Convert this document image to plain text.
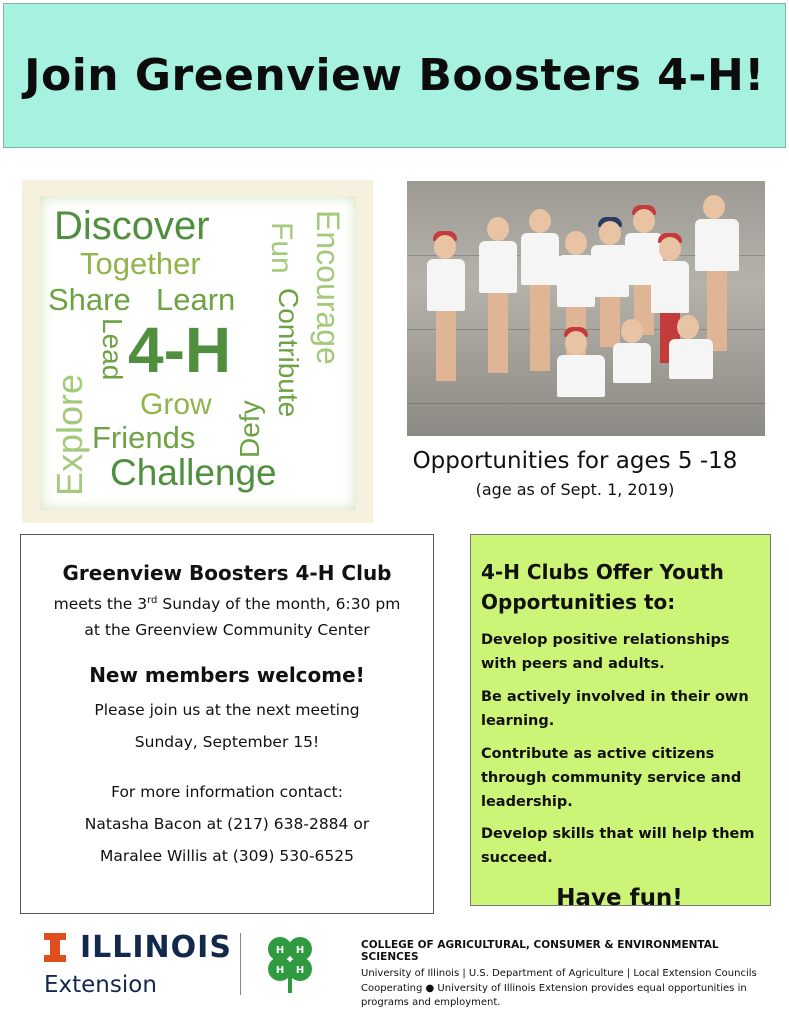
Join Greenview Boosters 4-H!
Discover
Together
Share Learn
Fun Encourage
Contribute
Explore
Lead 4-H
Grow Defy
Friends
Challenge	Opportunities for ages 5 -18
(age as of Sept. 1, 2019)
Greenview Boosters 4-H Club
meets the 3rd Sunday of the month, 6:30 pm
at the Greenview Community Center
New members welcome!
Please join us at the next meeting
Sunday, September 15!
For more information contact:
Natasha Bacon at (217) 638-2884 or
Maralee Willis at (309) 530-6525
4-H Clubs Offer Youth Opportunities to:
Develop positive relationships with peers and adults.
Be actively involved in their own learning.
Contribute as active citizens through community service and leadership.
Develop skills that will help them succeed.
Have fun!
ILLINOIS
Extension
H H
H H
COLLEGE OF AGRICULTURAL, CONSUMER & ENVIRONMENTAL SCIENCES
University of Illinois | U.S. Department of Agriculture | Local Extension Councils Cooperating ● University of Illinois Extension provides equal opportunities in programs and employment.
